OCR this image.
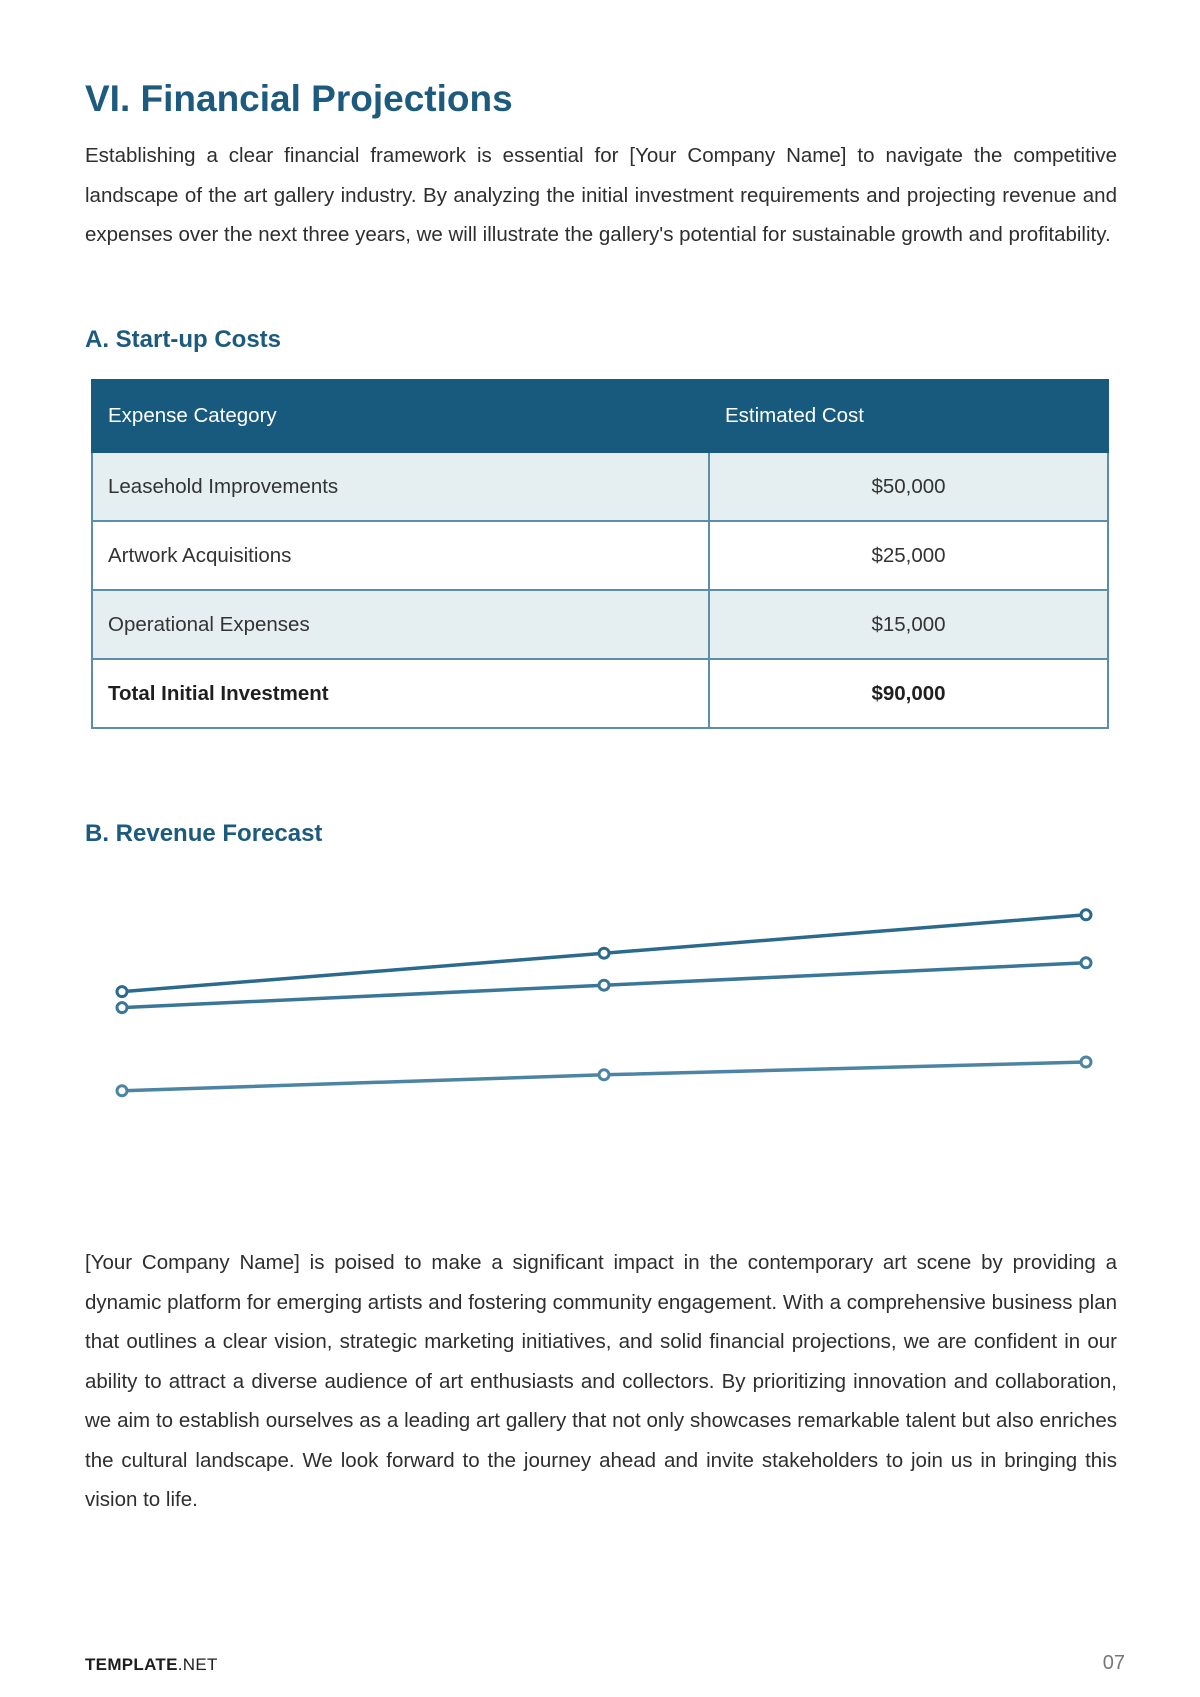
VI. Financial Projections

Establishing a clear financial framework is essential for [Your Company Name] to navigate the competitive landscape of the art gallery industry. By analyzing the initial investment requirements and projecting revenue and expenses over the next three years, we will illustrate the gallery's potential for sustainable growth and profitability.

A. Start-up Costs
Expense Category	Estimated Cost
Leasehold Improvements	$50,000
Artwork Acquisitions	$25,000
Operational Expenses	$15,000
Total Initial Investment	$90,000
B. Revenue Forecast

[Your Company Name] is poised to make a significant impact in the contemporary art scene by providing a dynamic platform for emerging artists and fostering community engagement. With a comprehensive business plan that outlines a clear vision, strategic marketing initiatives, and solid financial projections, we are confident in our ability to attract a diverse audience of art enthusiasts and collectors. By prioritizing innovation and collaboration, we aim to establish ourselves as a leading art gallery that not only showcases remarkable talent but also enriches the cultural landscape. We look forward to the journey ahead and invite stakeholders to join us in bringing this vision to life.

TEMPLATE.NET	07
